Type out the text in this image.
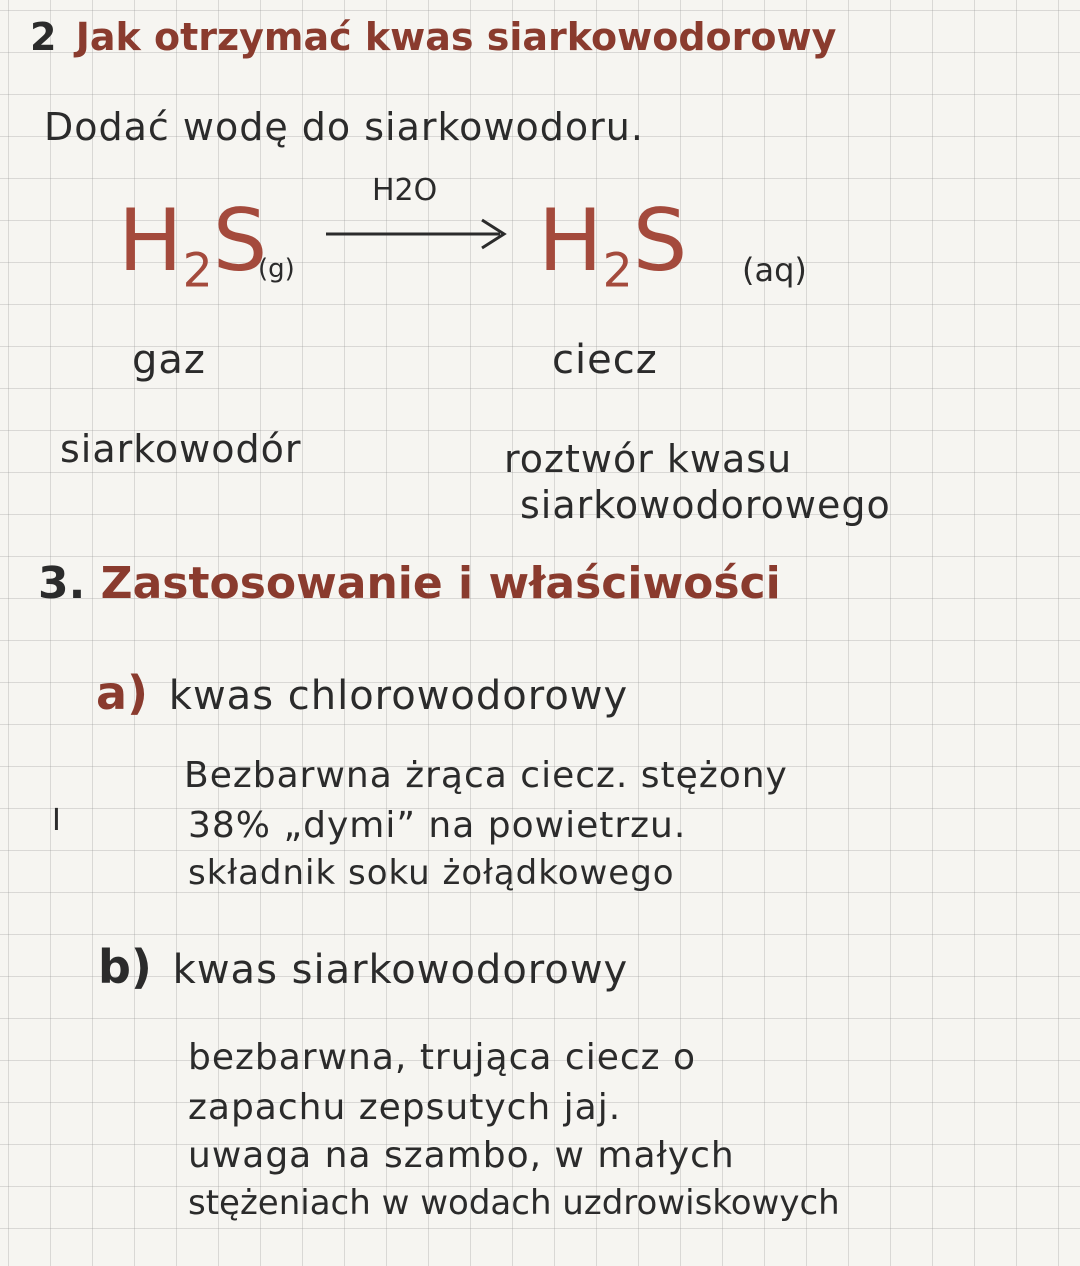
2 Jak otrzymać kwas siarkowodorowy
Dodać wodę do siarkowodoru.
$H_2S$
(g)
H2O
$H_2S$ (aq)
gaz	ciecz
siarkowodór	roztwór kwasu
siarkowodorowego
3. Zastosowanie i właściwości
a) kwas chlorowodorowy
Bezbarwna żrąca ciecz. stężony
38% „dymi” na powietrzu.
składnik soku żołądkowego
I
b) kwas siarkowodorowy
bezbarwna, trująca ciecz o
zapachu zepsutych jaj.
uwaga na szambo, w małych
stężeniach w wodach uzdrowiskowych
